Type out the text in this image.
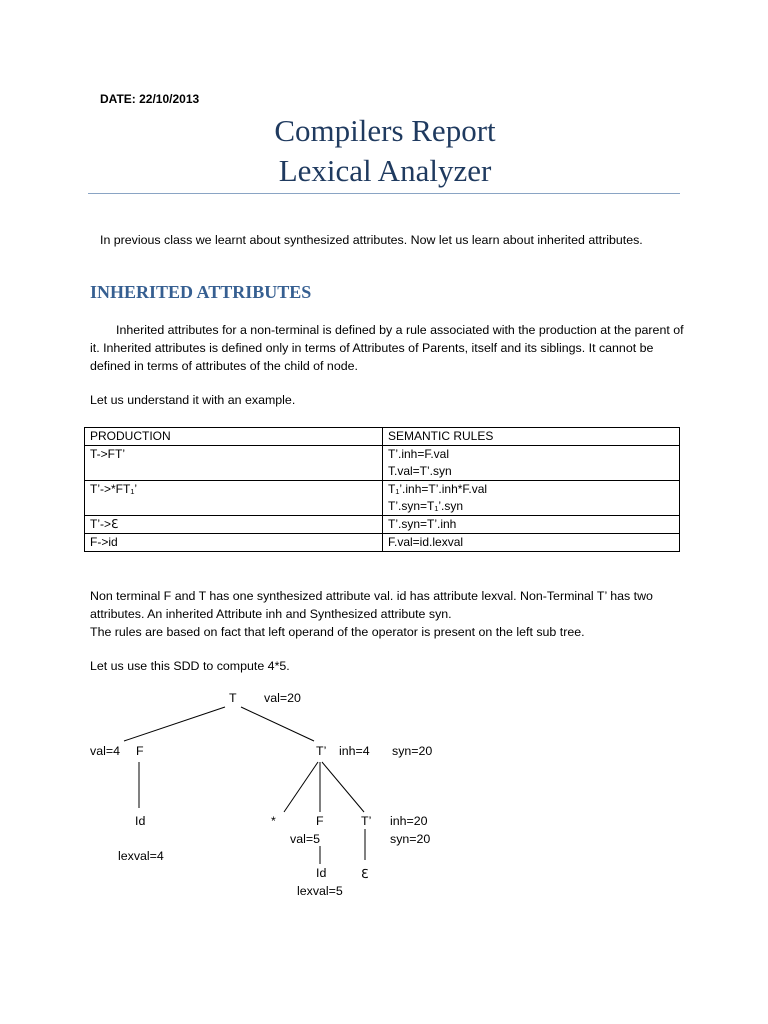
DATE: 22/10/2013
Compilers Report
Lexical Analyzer
In previous class we learnt about synthesized attributes. Now let us learn about inherited attributes.
INHERITED ATTRIBUTES
Inherited attributes for a non-terminal is defined by a rule associated with the production at the parent of it. Inherited attributes is defined only in terms of Attributes of Parents, itself and its siblings. It cannot be defined in terms of attributes of the child of node.
Let us understand it with an example.
PRODUCTION	SEMANTIC RULES
T->FT’	T’.inh=F.val
T.val=T’.syn

T’->*FT₁’	T₁’.inh=T’.inh*F.val
T’.syn=T₁’.syn

T’->ℇ	T’.syn=T’.inh

F->id	F.val=id.lexval
Non terminal F and T has one synthesized attribute val. id has attribute lexval. Non-Terminal T’ has two attributes. An inherited Attribute inh and Synthesized attribute syn.
The rules are based on fact that left operand of the operator is present on the left sub tree.
Let us use this SDD to compute 4*5.
T val=20
val=4 F	T’ inh=4 syn=20
Id
lexval=4
*	F
val=5
T’ inh=20
syn=20
Id
lexval=5
ℇ
